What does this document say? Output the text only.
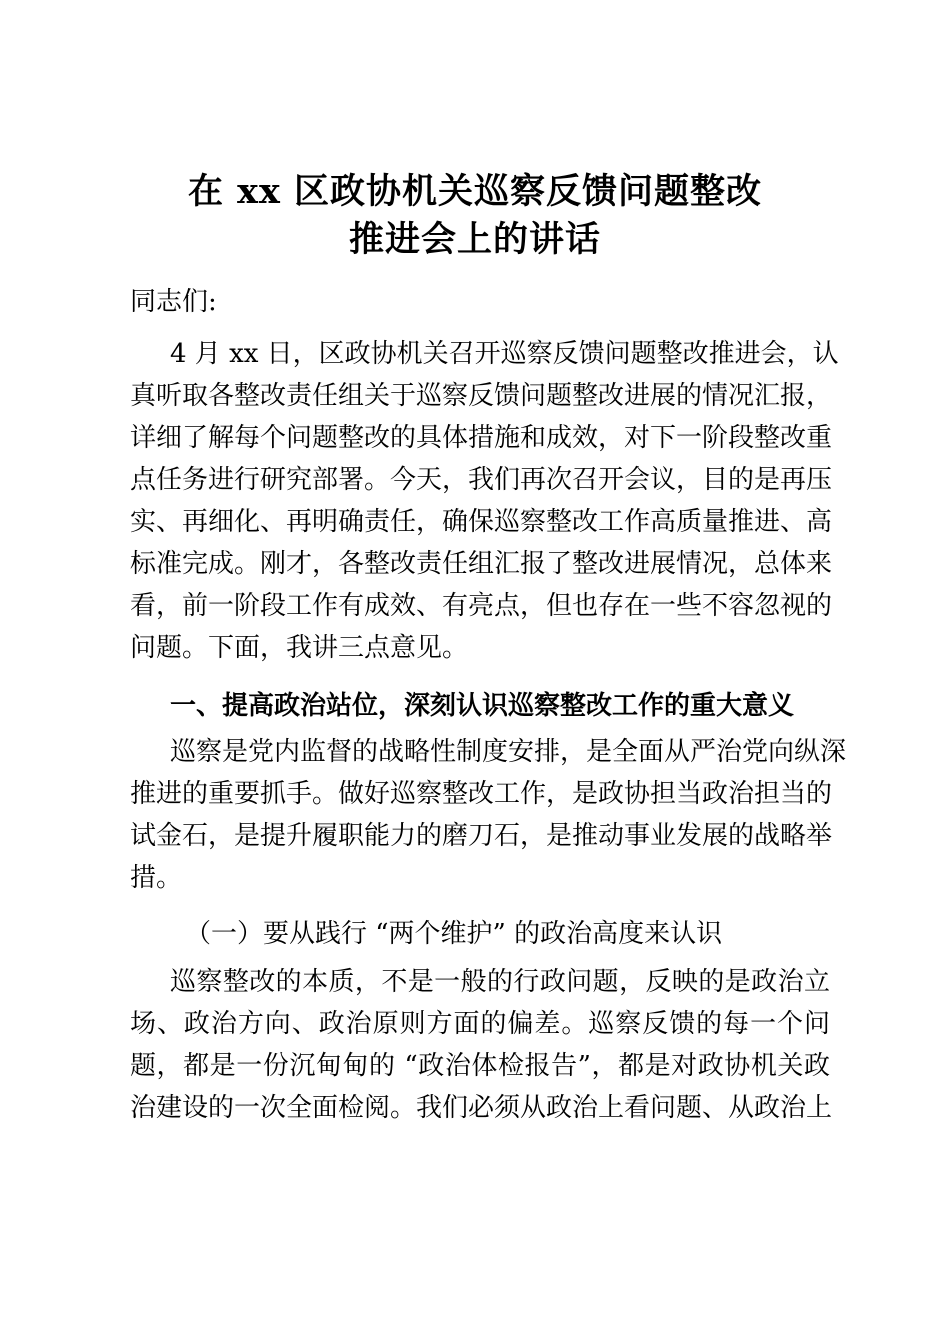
在 xx 区政协机关巡察反馈问题整改
推进会上的讲话
同志们:
4 月 xx 日，区政协机关召开巡察反馈问题整改推进会，认
真听取各整改责任组关于巡察反馈问题整改进展的情况汇报，
详细了解每个问题整改的具体措施和成效，对下一阶段整改重
点任务进行研究部署。今天，我们再次召开会议，目的是再压
实、再细化、再明确责任，确保巡察整改工作高质量推进、高
标准完成。刚才，各整改责任组汇报了整改进展情况，总体来
看，前一阶段工作有成效、有亮点，但也存在一些不容忽视的
问题。下面，我讲三点意见。
一、提高政治站位，深刻认识巡察整改工作的重大意义
巡察是党内监督的战略性制度安排，是全面从严治党向纵深
推进的重要抓手。做好巡察整改工作，是政协担当政治担当的
试金石，是提升履职能力的磨刀石，是推动事业发展的战略举
措。
（一）要从践行 “两个维护” 的政治高度来认识
巡察整改的本质，不是一般的行政问题，反映的是政治立
场、政治方向、政治原则方面的偏差。巡察反馈的每一个问
题，都是一份沉甸甸的 “政治体检报告”，都是对政协机关政
治建设的一次全面检阅。我们必须从政治上看问题、从政治上
